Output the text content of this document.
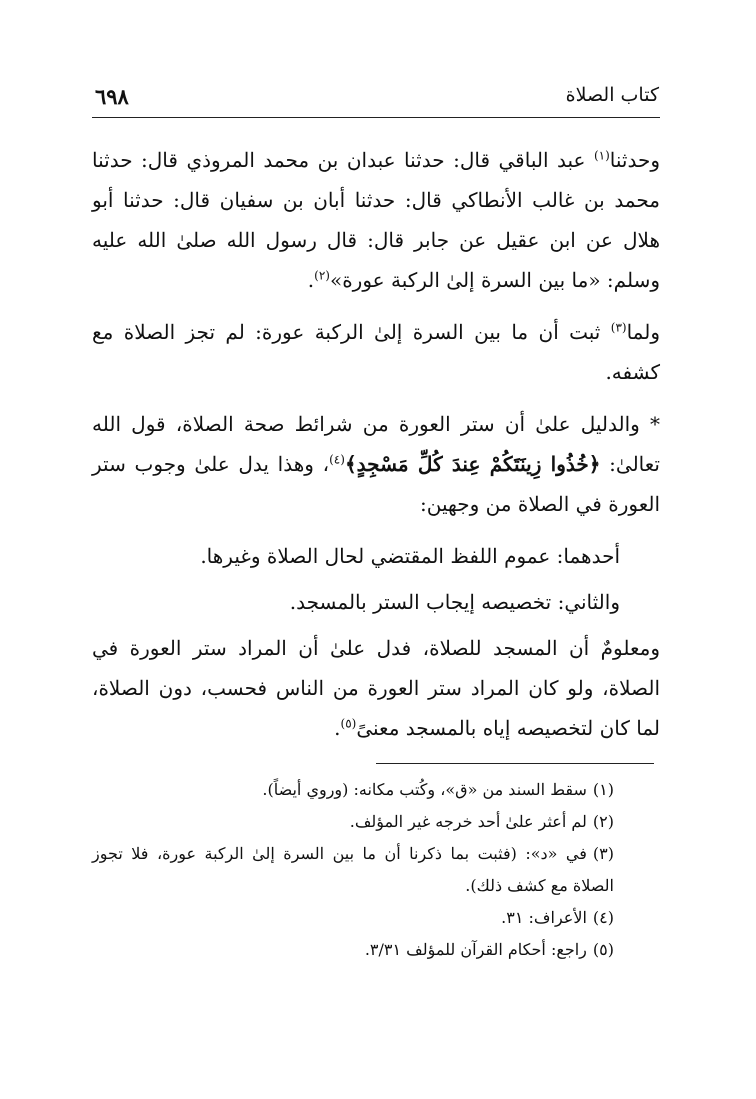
كتاب الصلاة
٦٩٨

وحدثنا$^{(١)}$ عبد الباقي قال: حدثنا عبدان بن محمد المروذي قال: حدثنا محمد بن غالب الأنطاكي قال: حدثنا أبان بن سفيان قال: حدثنا أبو هلال عن ابن عقيل عن جابر قال: قال رسول الله صلىٰ الله عليه وسلم: «ما بين السرة إلىٰ الركبة عورة»$^{(٢)}$.

ولما$^{(٣)}$ ثبت أن ما بين السرة إلىٰ الركبة عورة: لم تجز الصلاة مع كشفه.

* والدليل علىٰ أن ستر العورة من شرائط صحة الصلاة، قول الله تعالىٰ: ﴿خُذُوا زِينَتَكُمْ عِندَ كُلِّ مَسْجِدٍ﴾$^{(٤)}$، وهذا يدل علىٰ وجوب ستر العورة في الصلاة من وجهين:

أحدهما: عموم اللفظ المقتضي لحال الصلاة وغيرها.

والثاني: تخصيصه إيجاب الستر بالمسجد.

ومعلومٌ أن المسجد للصلاة، فدل علىٰ أن المراد ستر العورة في الصلاة، ولو كان المراد ستر العورة من الناس فحسب، دون الصلاة، لما كان لتخصيصه إياه بالمسجد معنىً$^{(٥)}$.

(١)سقط السند من «ق»، وكُتب مكانه: (وروي أيضاً).

(٢)لم أعثر علىٰ أحد خرجه غير المؤلف.

(٣)في «د»: (فثبت بما ذكرنا أن ما بين السرة إلىٰ الركبة عورة، فلا تجوز الصلاة مع كشف ذلك).

(٤)الأعراف: ٣١.

(٥)راجع: أحكام القرآن للمؤلف ٣/٣١.
